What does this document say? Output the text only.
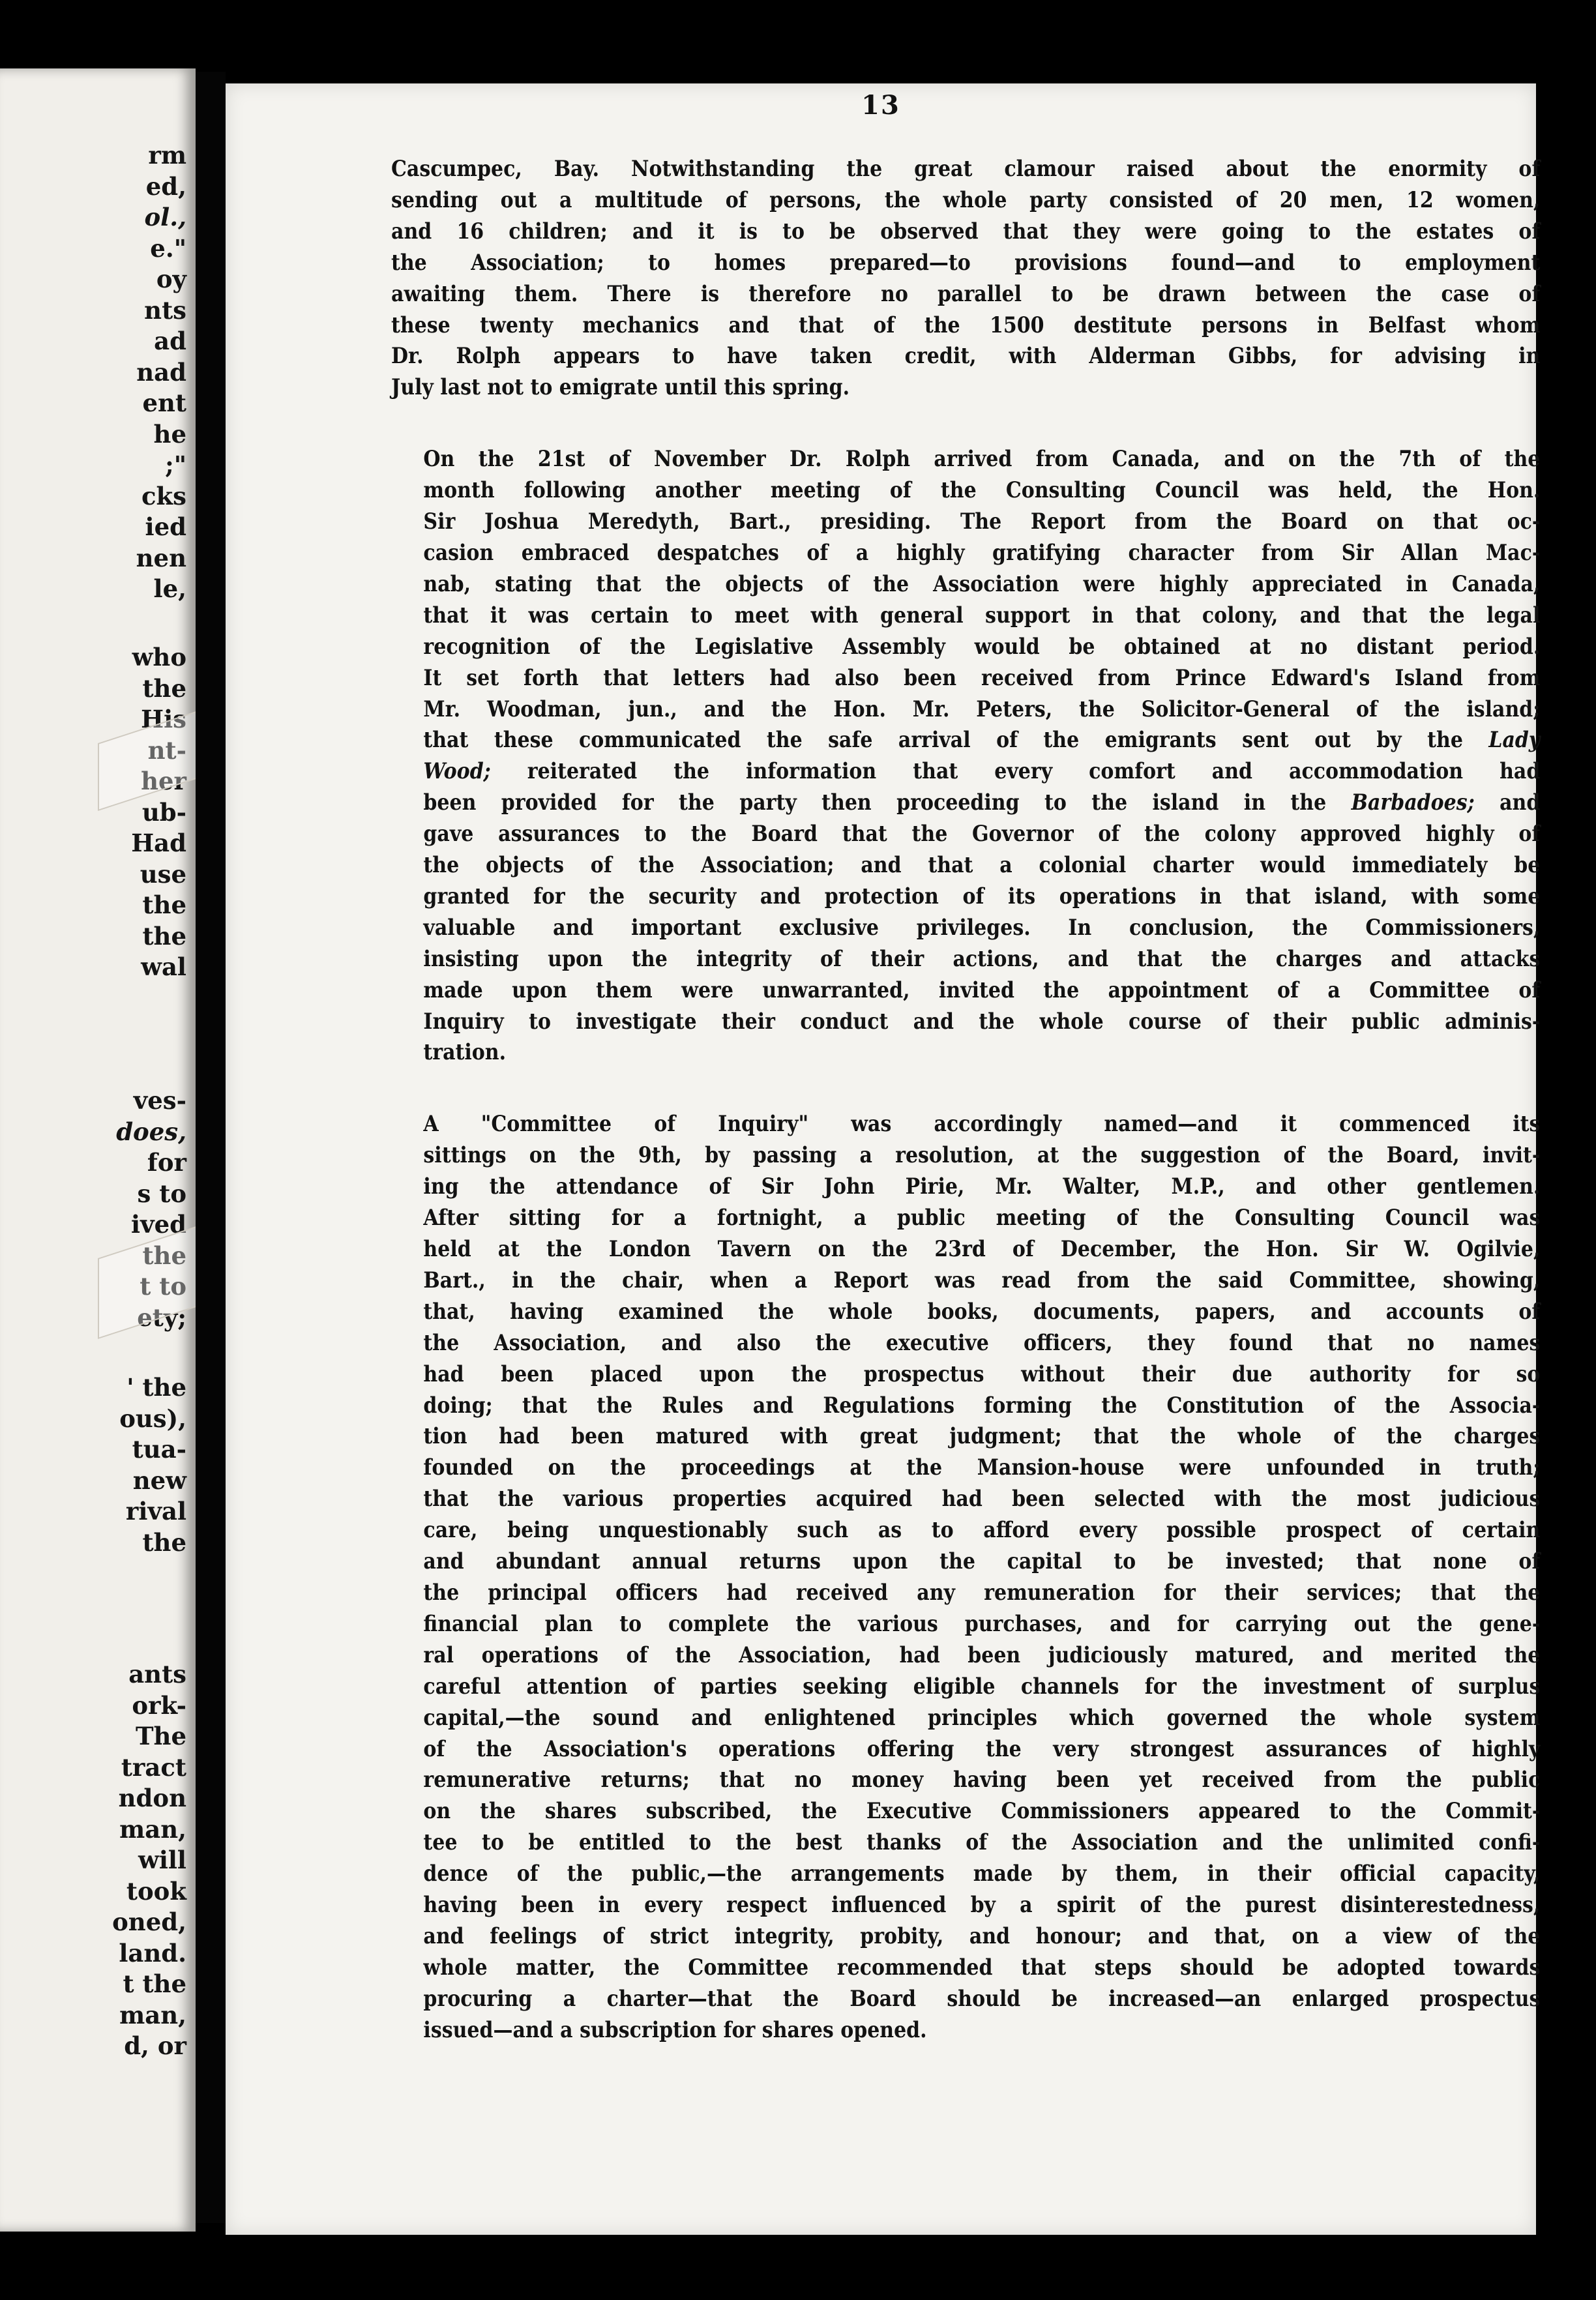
rm
ed,
ol.,
e."
oy
nts
ad
nad
ent
he
;"
cks
ied
nen
le,
who
the
His
nt-
her
ub-
Had
use
the
the
wal
ves-
does,
for
s to
ived
the
t to
ety;
' the
ous),
tua-
new
rival
the
ants
ork-
The
tract
ndon
man,
will
took
oned,
land.
t the
man,
d, or
13

Cascumpec, Bay. Notwithstanding the great clamour raised about the enormity of
sending out a multitude of persons, the whole party consisted of 20 men, 12 women,
and 16 children; and it is to be observed that they were going to the estates of
the Association; to homes prepared—to provisions found—and to employment
awaiting them. There is therefore no parallel to be drawn between the case of
these twenty mechanics and that of the 1500 destitute persons in Belfast whom
Dr. Rolph appears to have taken credit, with Alderman Gibbs, for advising in
July last not to emigrate until this spring.

On the 21st of November Dr. Rolph arrived from Canada, and on the 7th of the
month following another meeting of the Consulting Council was held, the Hon.
Sir Joshua Meredyth, Bart., presiding. The Report from the Board on that oc-
casion embraced despatches of a highly gratifying character from Sir Allan Mac-
nab, stating that the objects of the Association were highly appreciated in Canada,
that it was certain to meet with general support in that colony, and that the legal
recognition of the Legislative Assembly would be obtained at no distant period.
It set forth that letters had also been received from Prince Edward's Island from
Mr. Woodman, jun., and the Hon. Mr. Peters, the Solicitor-General of the island;
that these communicated the safe arrival of the emigrants sent out by the Lady
Wood; reiterated the information that every comfort and accommodation had
been provided for the party then proceeding to the island in the Barbadoes; and
gave assurances to the Board that the Governor of the colony approved highly of
the objects of the Association; and that a colonial charter would immediately be
granted for the security and protection of its operations in that island, with some
valuable and important exclusive privileges. In conclusion, the Commissioners,
insisting upon the integrity of their actions, and that the charges and attacks
made upon them were unwarranted, invited the appointment of a Committee of
Inquiry to investigate their conduct and the whole course of their public adminis-
tration.

A "Committee of Inquiry" was accordingly named—and it commenced its
sittings on the 9th, by passing a resolution, at the suggestion of the Board, invit-
ing the attendance of Sir John Pirie, Mr. Walter, M.P., and other gentlemen.
After sitting for a fortnight, a public meeting of the Consulting Council was
held at the London Tavern on the 23rd of December, the Hon. Sir W. Ogilvie,
Bart., in the chair, when a Report was read from the said Committee, showing,
that, having examined the whole books, documents, papers, and accounts of
the Association, and also the executive officers, they found that no names
had been placed upon the prospectus without their due authority for so
doing; that the Rules and Regulations forming the Constitution of the Associa-
tion had been matured with great judgment; that the whole of the charges
founded on the proceedings at the Mansion-house were unfounded in truth;
that the various properties acquired had been selected with the most judicious
care, being unquestionably such as to afford every possible prospect of certain
and abundant annual returns upon the capital to be invested; that none of
the principal officers had received any remuneration for their services; that the
financial plan to complete the various purchases, and for carrying out the gene-
ral operations of the Association, had been judiciously matured, and merited the
careful attention of parties seeking eligible channels for the investment of surplus
capital,—the sound and enlightened principles which governed the whole system
of the Association's operations offering the very strongest assurances of highly
remunerative returns; that no money having been yet received from the public
on the shares subscribed, the Executive Commissioners appeared to the Commit-
tee to be entitled to the best thanks of the Association and the unlimited confi-
dence of the public,—the arrangements made by them, in their official capacity,
having been in every respect influenced by a spirit of the purest disinterestedness,
and feelings of strict integrity, probity, and honour; and that, on a view of the
whole matter, the Committee recommended that steps should be adopted towards
procuring a charter—that the Board should be increased—an enlarged prospectus
issued—and a subscription for shares opened.
